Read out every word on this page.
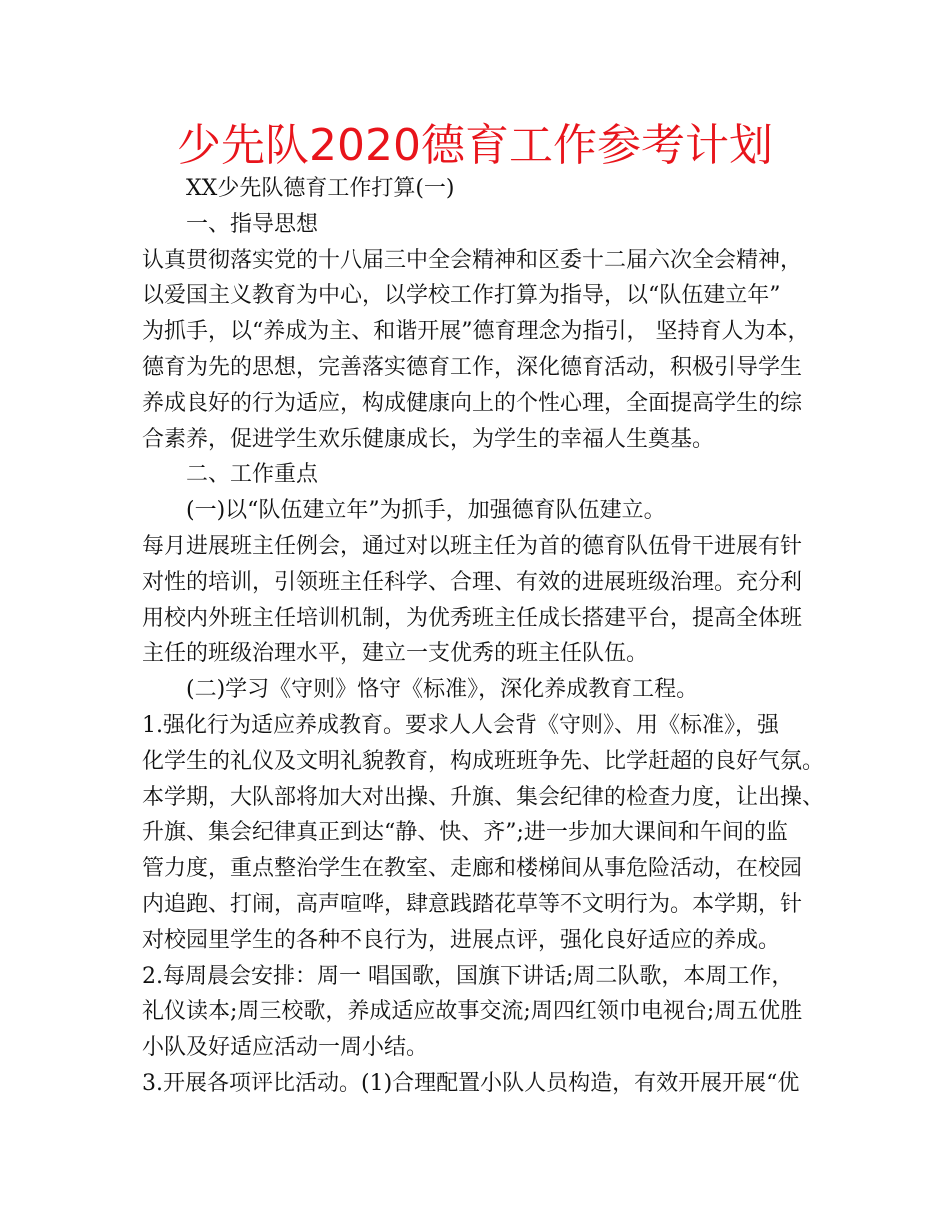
少先队2020德育工作参考计划

XX少先队德育工作打算(一)

一、指导思想

认真贯彻落实党的十八届三中全会精神和区委十二届六次全会精神，

以爱国主义教育为中心，以学校工作打算为指导，以“队伍建立年”

为抓手，以“养成为主、和谐开展”德育理念为指引， 坚持育人为本，

德育为先的思想，完善落实德育工作，深化德育活动，积极引导学生

养成良好的行为适应，构成健康向上的个性心理，全面提高学生的综

合素养，促进学生欢乐健康成长，为学生的幸福人生奠基。

二、工作重点

(一)以“队伍建立年”为抓手，加强德育队伍建立。

每月进展班主任例会，通过对以班主任为首的德育队伍骨干进展有针

对性的培训，引领班主任科学、合理、有效的进展班级治理。充分利

用校内外班主任培训机制，为优秀班主任成长搭建平台，提高全体班

主任的班级治理水平，建立一支优秀的班主任队伍。

(二)学习《守则》恪守《标准》，深化养成教育工程。

1.强化行为适应养成教育。要求人人会背《守则》、用《标准》，强

化学生的礼仪及文明礼貌教育，构成班班争先、比学赶超的良好气氛。

本学期，大队部将加大对出操、升旗、集会纪律的检查力度，让出操、

升旗、集会纪律真正到达“静、快、齐”;进一步加大课间和午间的监

管力度，重点整治学生在教室、走廊和楼梯间从事危险活动，在校园

内追跑、打闹，高声喧哗，肆意践踏花草等不文明行为。本学期，针

对校园里学生的各种不良行为，进展点评，强化良好适应的养成。

2.每周晨会安排：周一 唱国歌，国旗下讲话;周二队歌，本周工作，

礼仪读本;周三校歌，养成适应故事交流;周四红领巾电视台;周五优胜

小队及好适应活动一周小结。

3.开展各项评比活动。(1)合理配置小队人员构造，有效开展开展“优
